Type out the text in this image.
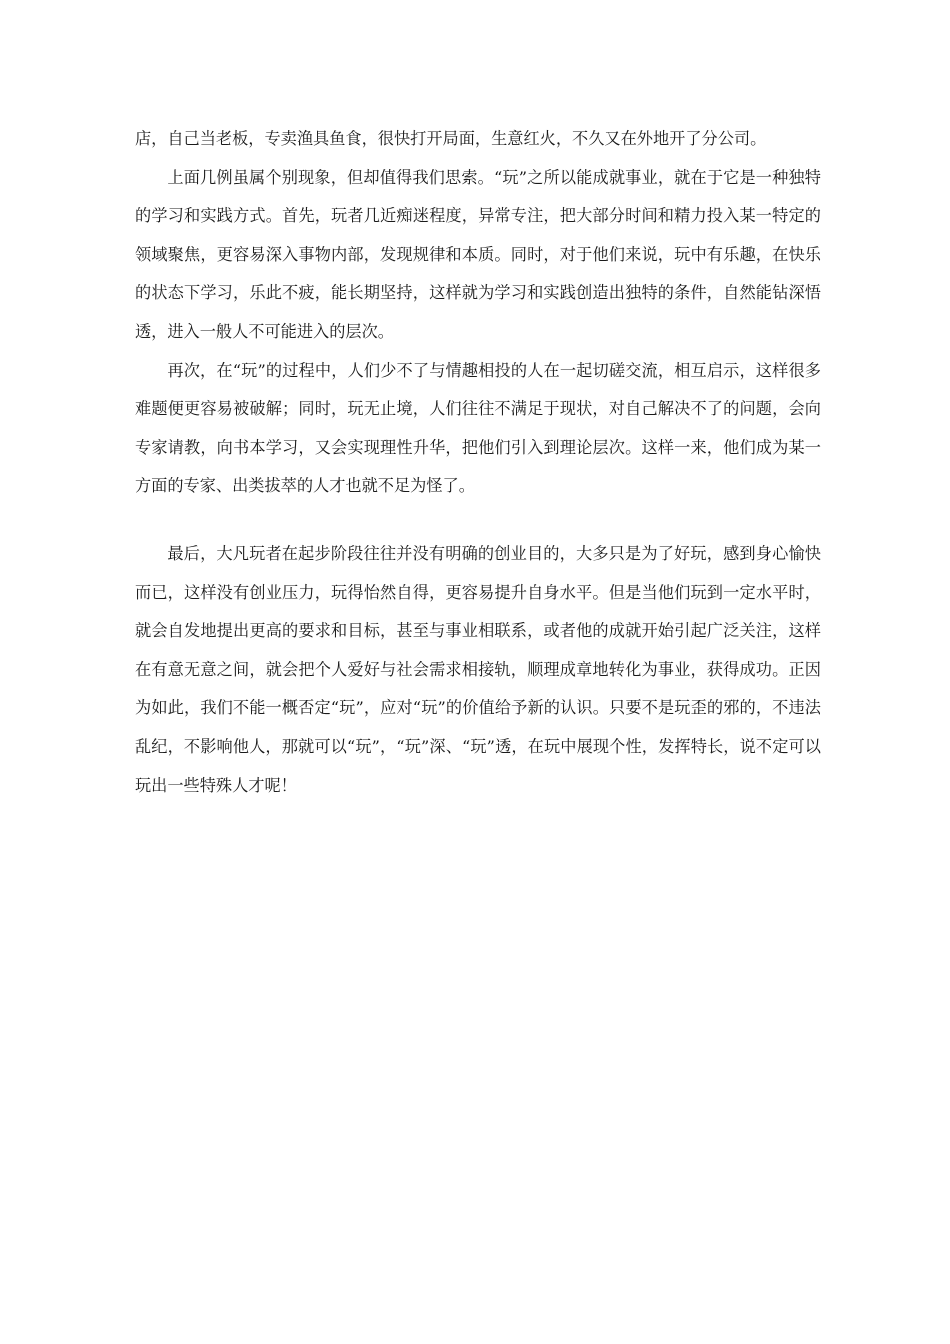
店，自己当老板，专卖渔具鱼食，很快打开局面，生意红火，不久又在外地开了分公司。

上面几例虽属个别现象，但却值得我们思索。“玩”之所以能成就事业，就在于它是一种独特的学习和实践方式。首先，玩者几近痴迷程度，异常专注，把大部分时间和精力投入某一特定的领域聚焦，更容易深入事物内部，发现规律和本质。同时，对于他们来说，玩中有乐趣，在快乐的状态下学习，乐此不疲，能长期坚持，这样就为学习和实践创造出独特的条件，自然能钻深悟透，进入一般人不可能进入的层次。

再次，在“玩”的过程中，人们少不了与情趣相投的人在一起切磋交流，相互启示，这样很多难题便更容易被破解；同时，玩无止境，人们往往不满足于现状，对自己解决不了的问题，会向专家请教，向书本学习，又会实现理性升华，把他们引入到理论层次。这样一来，他们成为某一方面的专家、出类拔萃的人才也就不足为怪了。

最后，大凡玩者在起步阶段往往并没有明确的创业目的，大多只是为了好玩，感到身心愉快而已，这样没有创业压力，玩得怡然自得，更容易提升自身水平。但是当他们玩到一定水平时，就会自发地提出更高的要求和目标，甚至与事业相联系，或者他的成就开始引起广泛关注，这样在有意无意之间，就会把个人爱好与社会需求相接轨，顺理成章地转化为事业，获得成功。正因为如此，我们不能一概否定“玩”，应对“玩”的价值给予新的认识。只要不是玩歪的邪的，不违法乱纪，不影响他人，那就可以“玩”，“玩”深、“玩”透，在玩中展现个性，发挥特长，说不定可以玩出一些特殊人才呢！
